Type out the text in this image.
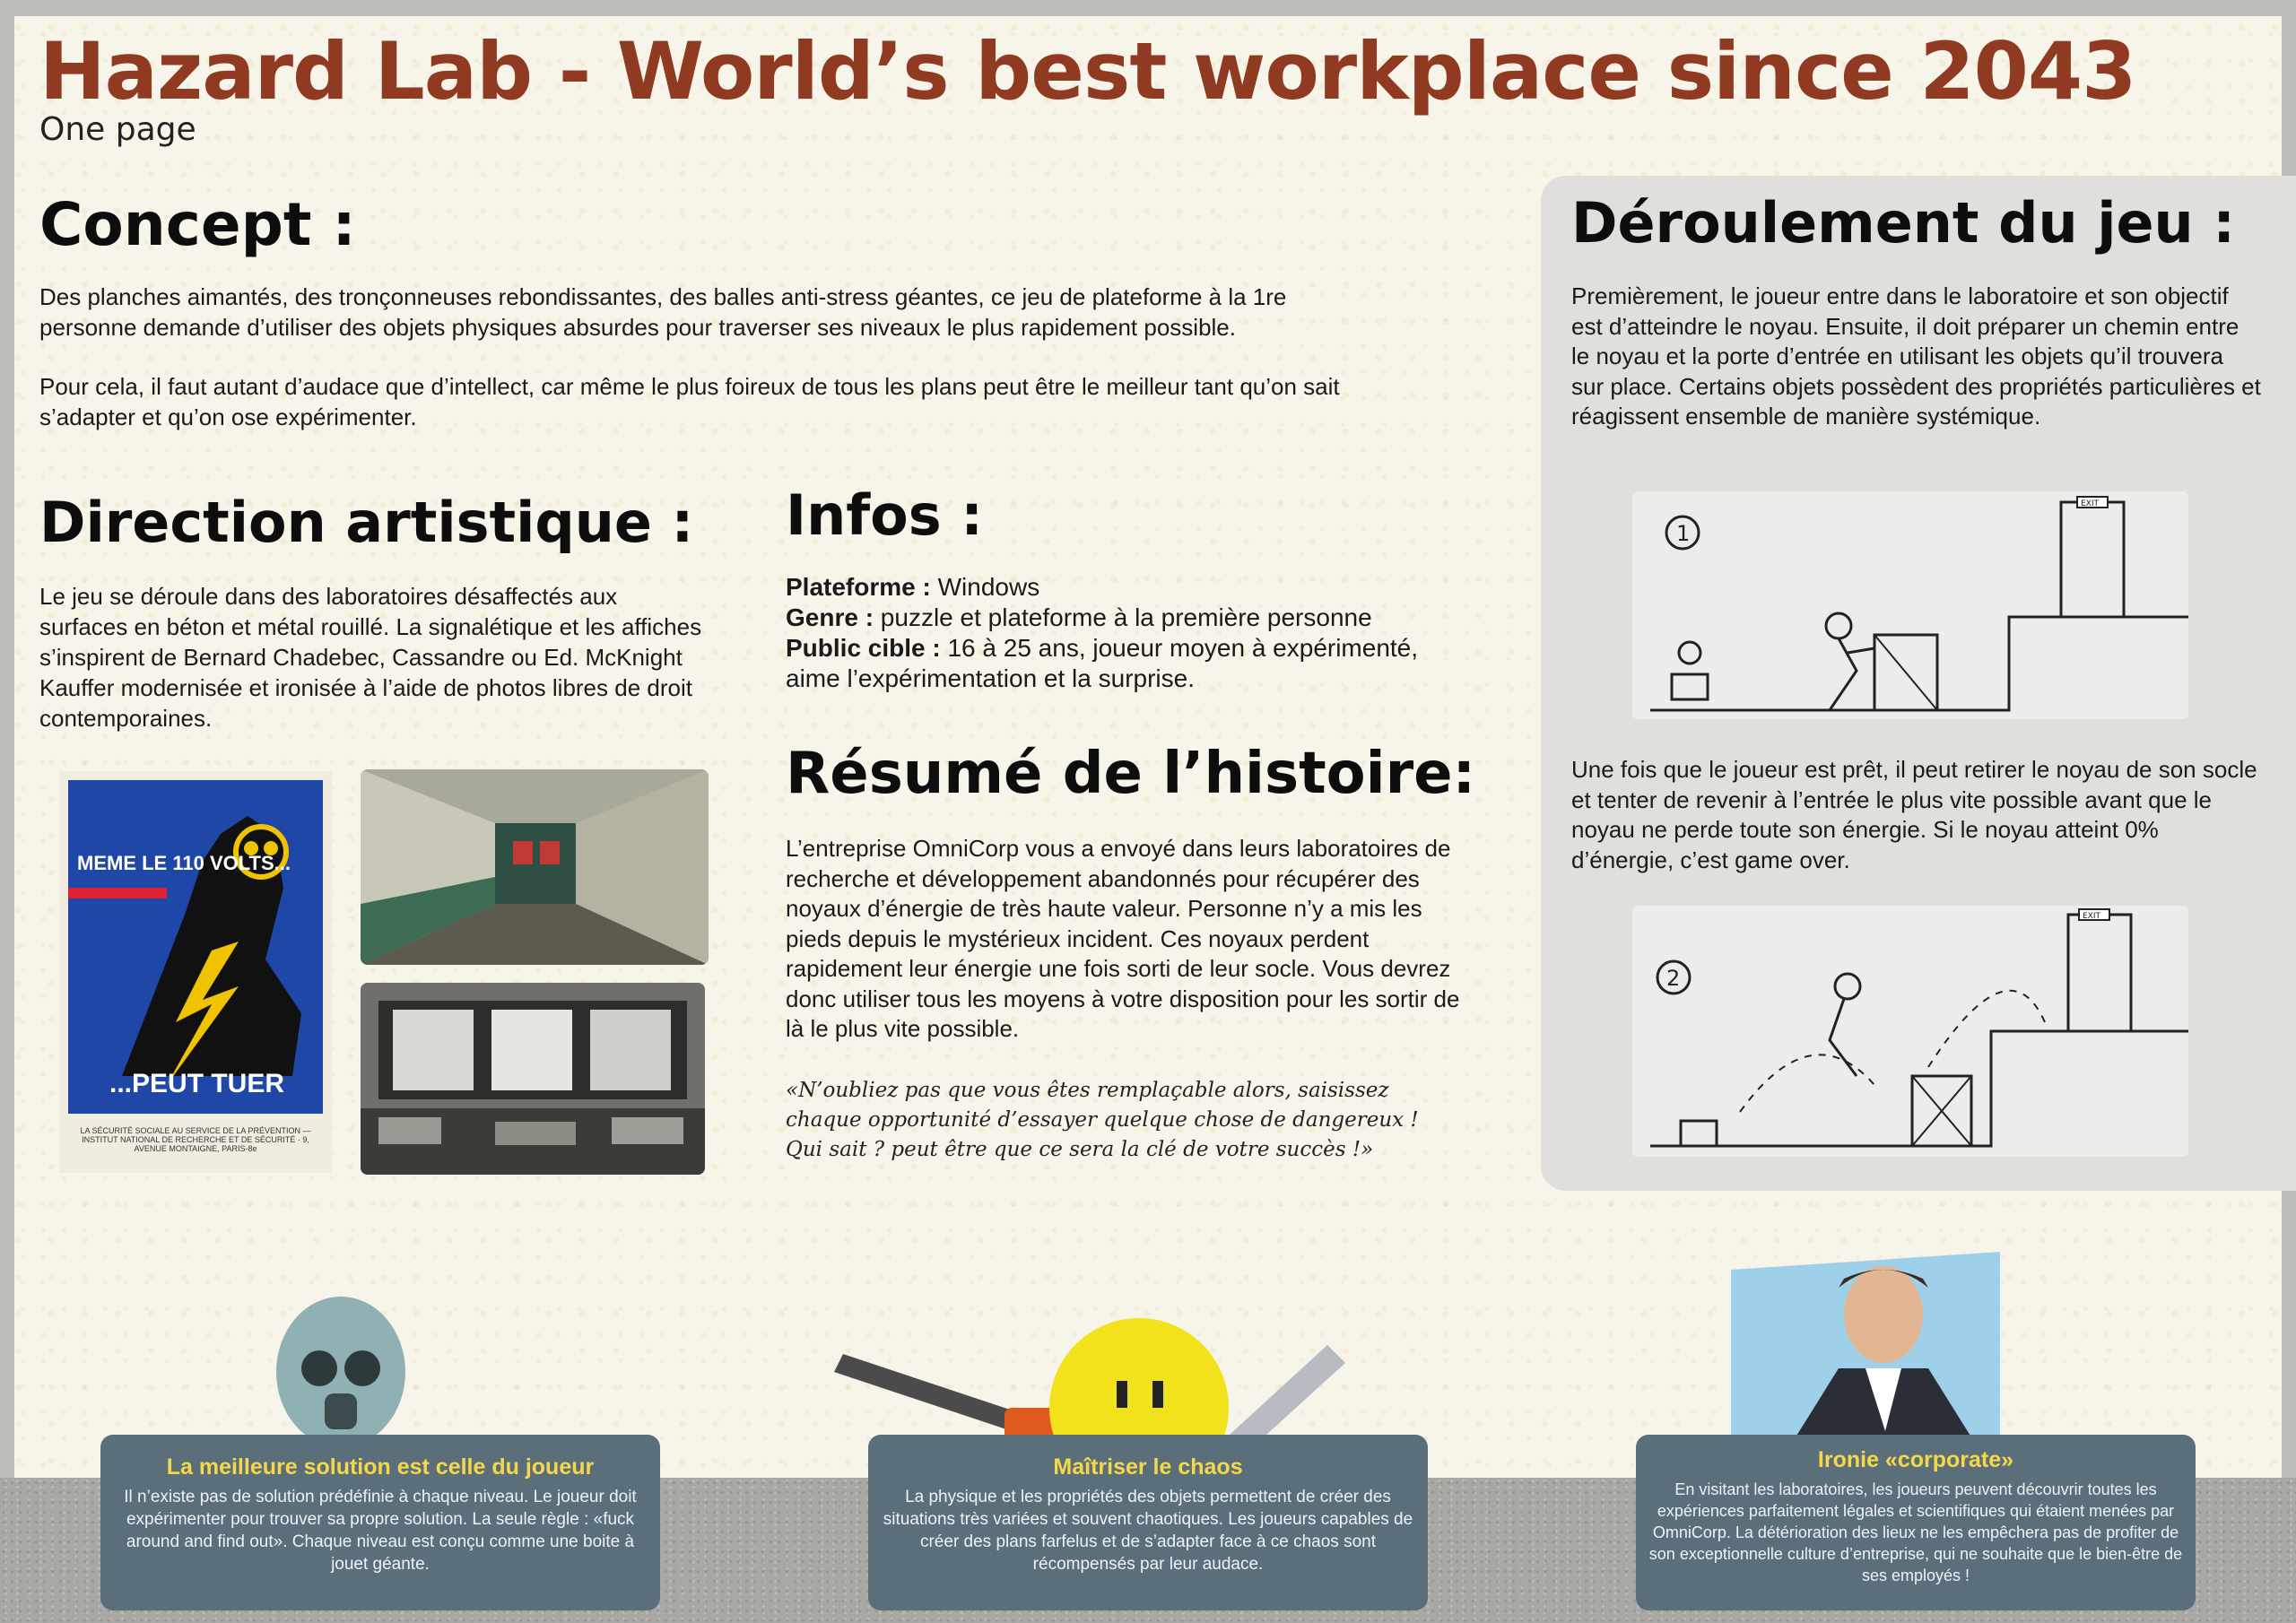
Hazard Lab - World’s best workplace since 2043
One page
Concept :

Des planches aimantés, des tronçonneuses rebondissantes, des balles anti-stress géantes, ce jeu de plateforme à la 1re personne demande d’utiliser des objets physiques absurdes pour traverser ses niveaux le plus rapidement possible.

Pour cela, il faut autant d’audace que d’intellect, car même le plus foireux de tous les plans peut être le meilleur tant qu’on sait s’adapter et qu’on ose expérimenter.

Direction artistique :
Le jeu se déroule dans des laboratoires désaffectés aux surfaces en béton et métal rouillé. La signalétique et les affiches s’inspirent de Bernard Chadebec, Cassandre ou Ed. McKnight Kauffer modernisée et ironisée à l’aide de photos libres de droit contemporaines.
MEME LE 110 VOLTS...
...PEUT TUER
LA SÉCURITÉ SOCIALE AU SERVICE DE LA PRÉVENTION — INSTITUT NATIONAL DE RECHERCHE ET DE SÉCURITÉ · 9, AVENUE MONTAIGNE, PARIS-8e
Infos :
Plateforme : Windows
Genre : puzzle et plateforme à la première personne
Public cible : 16 à 25 ans, joueur moyen à expérimenté, aime l’expérimentation et la surprise.
Résumé de l’histoire:
L’entreprise OmniCorp vous a envoyé dans leurs laboratoires de recherche et développement abandonnés pour récupérer des noyaux d’énergie de très haute valeur. Personne n’y a mis les pieds depuis le mystérieux incident. Ces noyaux perdent rapidement leur énergie une fois sorti de leur socle. Vous devrez donc utiliser tous les moyens à votre disposition pour les sortir de là le plus vite possible.
«N’oubliez pas que vous êtes remplaçable alors, saisissez chaque opportunité d’essayer quelque chose de dangereux ! Qui sait ? peut être que ce sera la clé de votre succès !»
Déroulement du jeu :
Premièrement, le joueur entre dans le laboratoire et son objectif est d’atteindre le noyau. Ensuite, il doit préparer un chemin entre le noyau et la porte d’entrée en utilisant les objets qu’il trouvera sur place. Certains objets possèdent des propriétés particulières et réagissent ensemble de manière systémique.
1
EXIT
Une fois que le joueur est prêt, il peut retirer le noyau de son socle et tenter de revenir à l’entrée le plus vite possible avant que le noyau ne perde toute son énergie. Si le noyau atteint 0% d’énergie, c’est game over.
2
EXIT
La meilleure solution est celle du joueur
Il n’existe pas de solution prédéfinie à chaque niveau. Le joueur doit expérimenter pour trouver sa propre solution. La seule règle : «fuck around and find out». Chaque niveau est conçu comme une boite à jouet géante.
Maîtriser le chaos
La physique et les propriétés des objets permettent de créer des situations très variées et souvent chaotiques. Les joueurs capables de créer des plans farfelus et de s’adapter face à ce chaos sont récompensés par leur audace.
Ironie «corporate»
En visitant les laboratoires, les joueurs peuvent découvrir toutes les expériences parfaitement légales et scientifiques qui étaient menées par OmniCorp. La détérioration des lieux ne les empêchera pas de profiter de son exceptionnelle culture d’entreprise, qui ne souhaite que le bien-être de ses employés !
